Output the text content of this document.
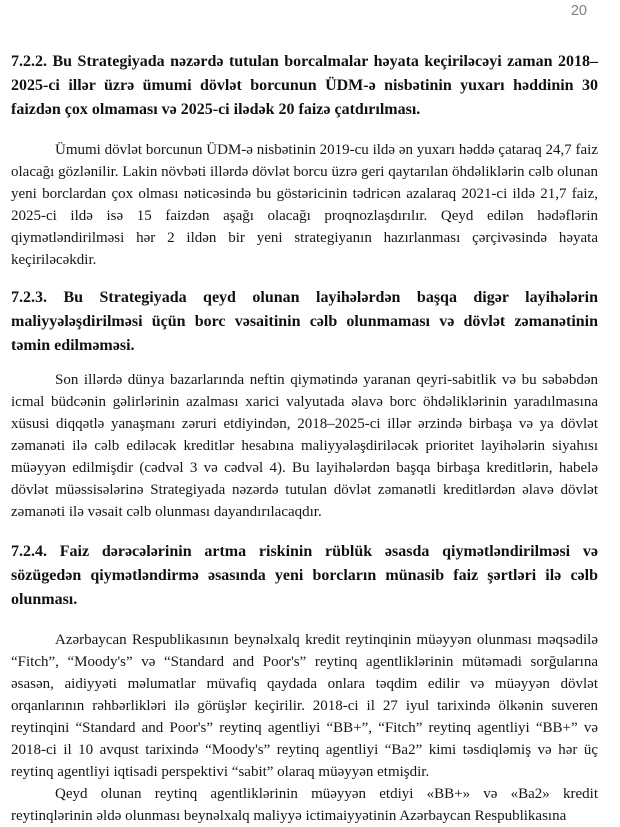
20
7.2.2. Bu Strategiyada nəzərdə tutulan borcalmalar həyata keçiriləcəyi zaman 2018–2025-ci illər üzrə ümumi dövlət borcunun ÜDM-ə nisbətinin yuxarı həddinin 30 faizdən çox olmaması və 2025-ci ilədək 20 faizə çatdırılması.

Ümumi dövlət borcunun ÜDM-ə nisbətinin 2019-cu ildə ən yuxarı həddə çataraq 24,7 faiz olacağı gözlənilir. Lakin növbəti illərdə dövlət borcu üzrə geri qaytarılan öhdəliklərin cəlb olunan yeni borclardan çox olması nəticəsində bu göstəricinin tədricən azalaraq 2021-ci ildə 21,7 faiz, 2025-ci ildə isə 15 faizdən aşağı olacağı proqnozlaşdırılır. Qeyd edilən hədəflərin qiymətləndirilməsi hər 2 ildən bir yeni strategiyanın hazırlanması çərçivəsində həyata keçiriləcəkdir.

7.2.3. Bu Strategiyada qeyd olunan layihələrdən başqa digər layihələrin maliyyələşdirilməsi üçün borc vəsaitinin cəlb olunmaması və dövlət zəmanətinin təmin edilməməsi.

Son illərdə dünya bazarlarında neftin qiymətində yaranan qeyri-sabitlik və bu səbəbdən icmal büdcənin gəlirlərinin azalması xarici valyutada əlavə borc öhdəliklərinin yaradılmasına xüsusi diqqətlə yanaşmanı zəruri etdiyindən, 2018–2025-ci illər ərzində birbaşa və ya dövlət zəmanəti ilə cəlb ediləcək kreditlər hesabına maliyyələşdiriləcək prioritet layihələrin siyahısı müəyyən edilmişdir (cədvəl 3 və cədvəl 4). Bu layihələrdən başqa birbaşa kreditlərin, habelə dövlət müəssisələrinə Strategiyada nəzərdə tutulan dövlət zəmanətli kreditlərdən əlavə dövlət zəmanəti ilə vəsait cəlb olunması dayandırılacaqdır.

7.2.4. Faiz dərəcələrinin artma riskinin rüblük əsasda qiymətləndirilməsi və sözügedən qiymətləndirmə əsasında yeni borcların münasib faiz şərtləri ilə cəlb olunması.

Azərbaycan Respublikasının beynəlxalq kredit reytinqinin müəyyən olunması məqsədilə “Fitch”, “Moody's” və “Standard and Poor's” reytinq agentliklərinin mütəmadi sorğularına əsasən, aidiyyəti məlumatlar müvafiq qaydada onlara təqdim edilir və müəyyən dövlət orqanlarının rəhbərlikləri ilə görüşlər keçirilir. 2018-ci il 27 iyul tarixində ölkənin suveren reytinqini “Standard and Poor's” reytinq agentliyi “BB+”, “Fitch” reytinq agentliyi “BB+” və 2018-ci il 10 avqust tarixində “Moody's” reytinq agentliyi “Ba2” kimi təsdiqləmiş və hər üç reytinq agentliyi iqtisadi perspektivi “sabit” olaraq müəyyən etmişdir.

Qeyd olunan reytinq agentliklərinin müəyyən etdiyi «BB+» və «Ba2» kredit reytinqlərinin əldə olunması beynəlxalq maliyyə ictimaiyyətinin Azərbaycan Respublikasına
